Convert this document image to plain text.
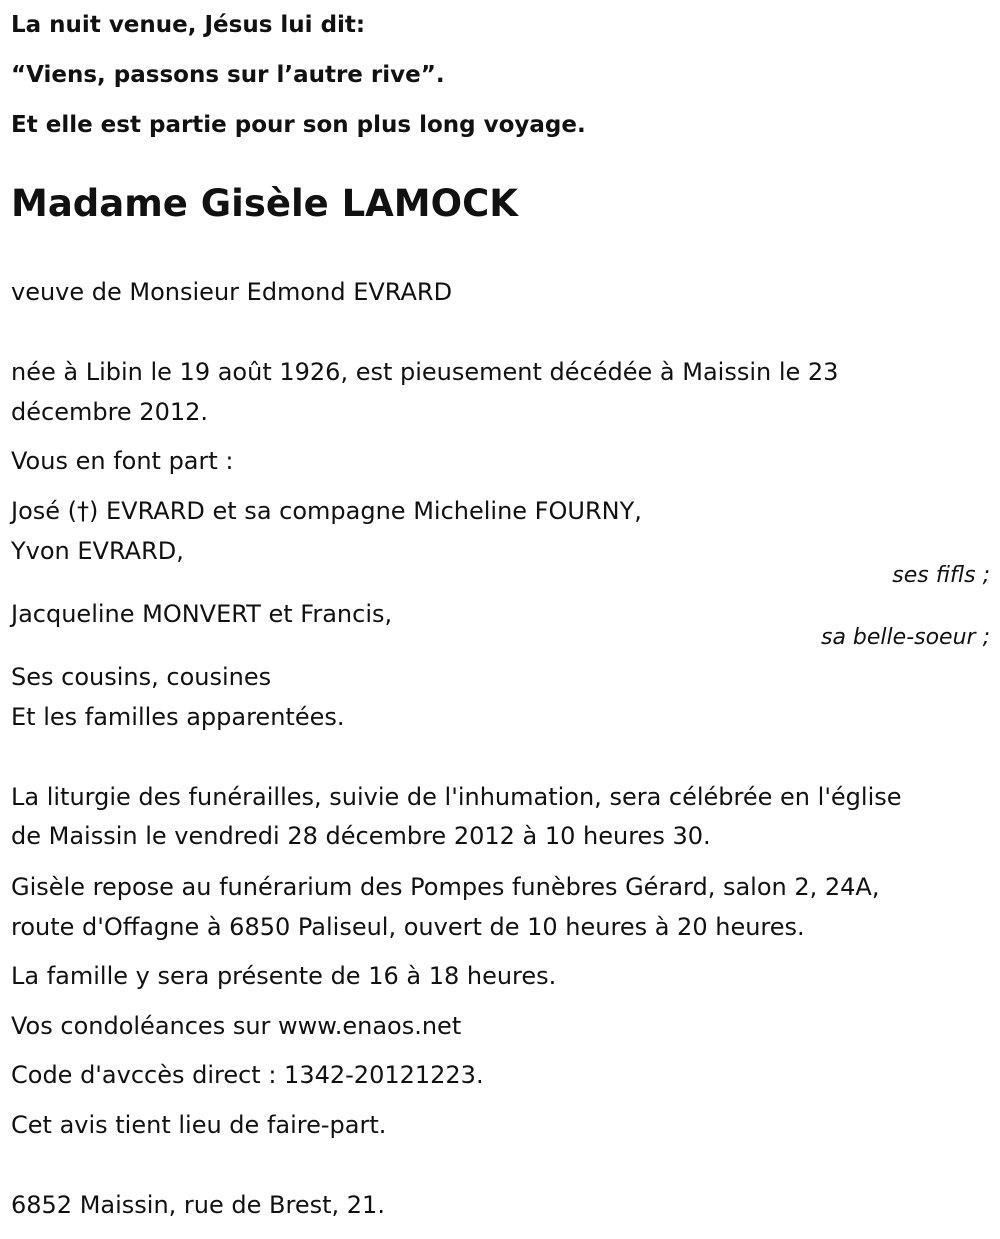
La nuit venue, Jésus lui dit:
“Viens, passons sur l’autre rive”.
Et elle est partie pour son plus long voyage.
Madame Gisèle LAMOCK
veuve de Monsieur Edmond EVRARD
née à Libin le 19 août 1926, est pieusement décédée à Maissin le 23
décembre 2012.
Vous en font part :
José (†) EVRARD et sa compagne Micheline FOURNY,
Yvon EVRARD,
ses fifls ;
Jacqueline MONVERT et Francis,
sa belle-soeur ;
Ses cousins, cousines
Et les familles apparentées.
La liturgie des funérailles, suivie de l'inhumation, sera célébrée en l'église
de Maissin le vendredi 28 décembre 2012 à 10 heures 30.
Gisèle repose au funérarium des Pompes funèbres Gérard, salon 2, 24A,
route d'Offagne à 6850 Paliseul, ouvert de 10 heures à 20 heures.
La famille y sera présente de 16 à 18 heures.
Vos condoléances sur www.enaos.net
Code d'avccès direct : 1342-20121223.
Cet avis tient lieu de faire-part.
6852 Maissin, rue de Brest, 21.
